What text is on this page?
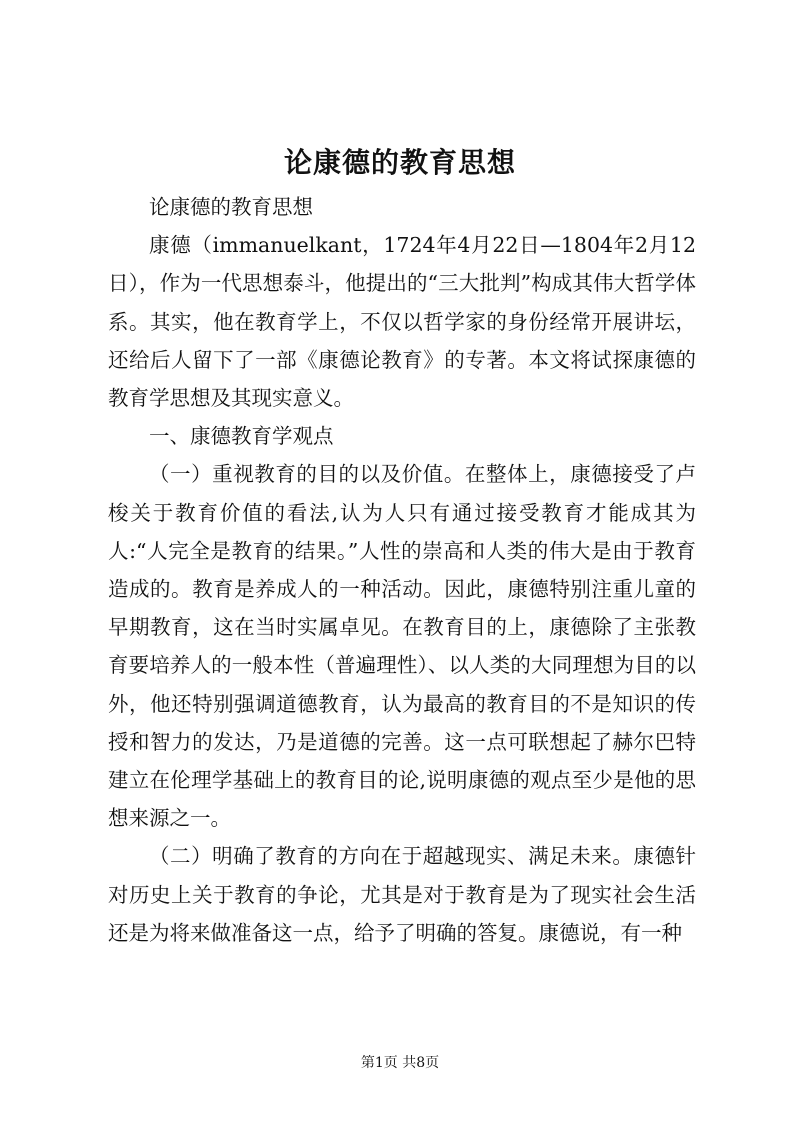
论康德的教育思想

论康德的教育思想

康德（immanuelkant，1724年4月22日—1804年2月12日），作为一代思想泰斗，他提出的“三大批判”构成其伟大哲学体系。其实，他在教育学上，不仅以哲学家的身份经常开展讲坛，还给后人留下了一部《康德论教育》的专著。本文将试探康德的教育学思想及其现实意义。

一、康德教育学观点

（一）重视教育的目的以及价值。在整体上，康德接受了卢梭关于教育价值的看法,认为人只有通过接受教育才能成其为人:“人完全是教育的结果。”人性的崇高和人类的伟大是由于教育造成的。教育是养成人的一种活动。因此，康德特别注重儿童的早期教育，这在当时实属卓见。在教育目的上，康德除了主张教育要培养人的一般本性（普遍理性）、以人类的大同理想为目的以外，他还特别强调道德教育，认为最高的教育目的不是知识的传授和智力的发达，乃是道德的完善。这一点可联想起了赫尔巴特建立在伦理学基础上的教育目的论,说明康德的观点至少是他的思想来源之一。

（二）明确了教育的方向在于超越现实、满足未来。康德针对历史上关于教育的争论，尤其是对于教育是为了现实社会生活还是为将来做准备这一点，给予了明确的答复。康德说，有一种

第1页 共8页
